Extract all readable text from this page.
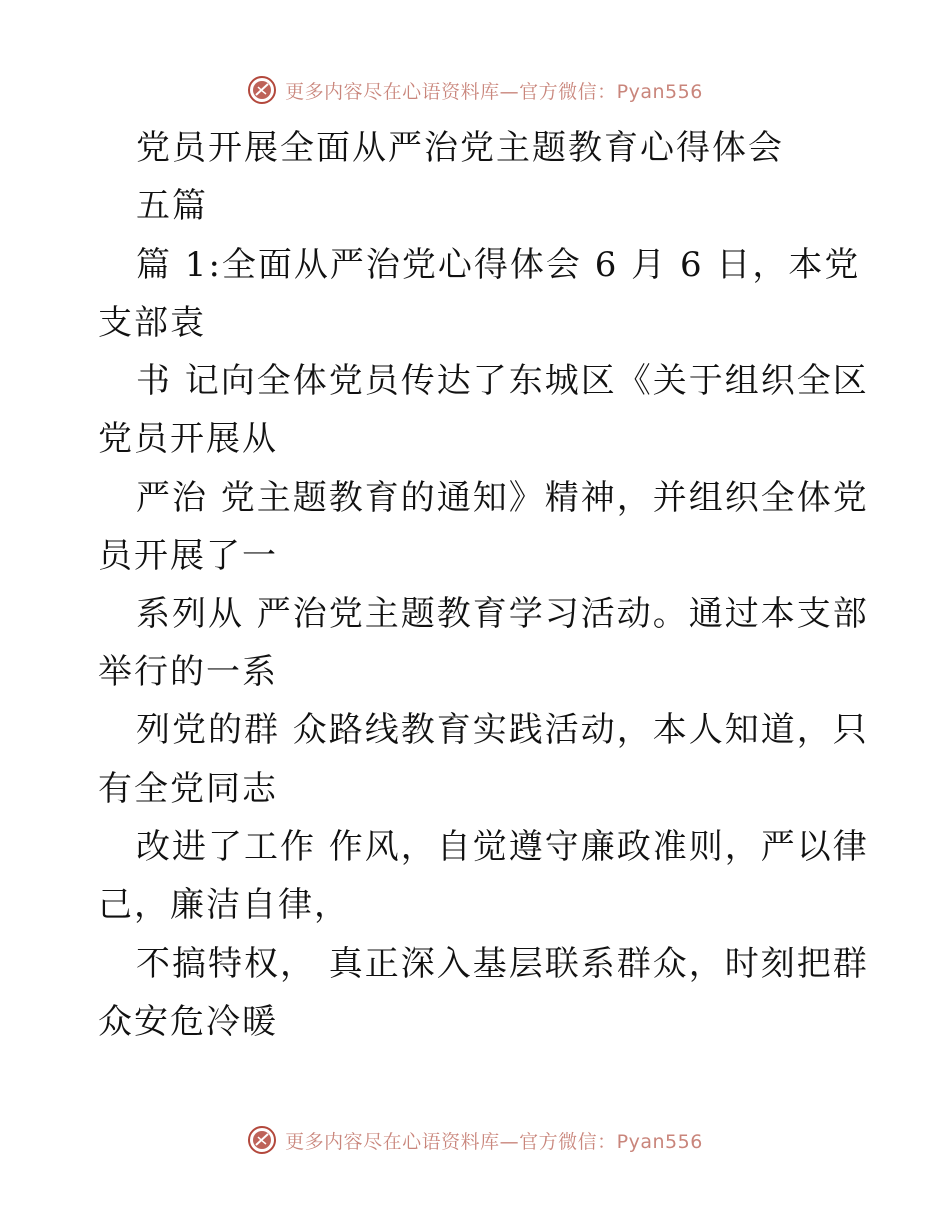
更多内容尽在心语资料库—官方微信：Pyan556
党员开展全面从严治党主题教育心得体会
五篇
篇 1:全面从严治党心得体会 6 月 6 日，本党
支部袁
书 记向全体党员传达了东城区《关于组织全区
党员开展从
严治 党主题教育的通知》精神，并组织全体党
员开展了一
系列从 严治党主题教育学习活动。通过本支部
举行的一系
列党的群 众路线教育实践活动，本人知道，只
有全党同志
改进了工作 作风，自觉遵守廉政准则，严以律
己，廉洁自律，
不搞特权， 真正深入基层联系群众，时刻把群
众安危冷暖
更多内容尽在心语资料库—官方微信：Pyan556
